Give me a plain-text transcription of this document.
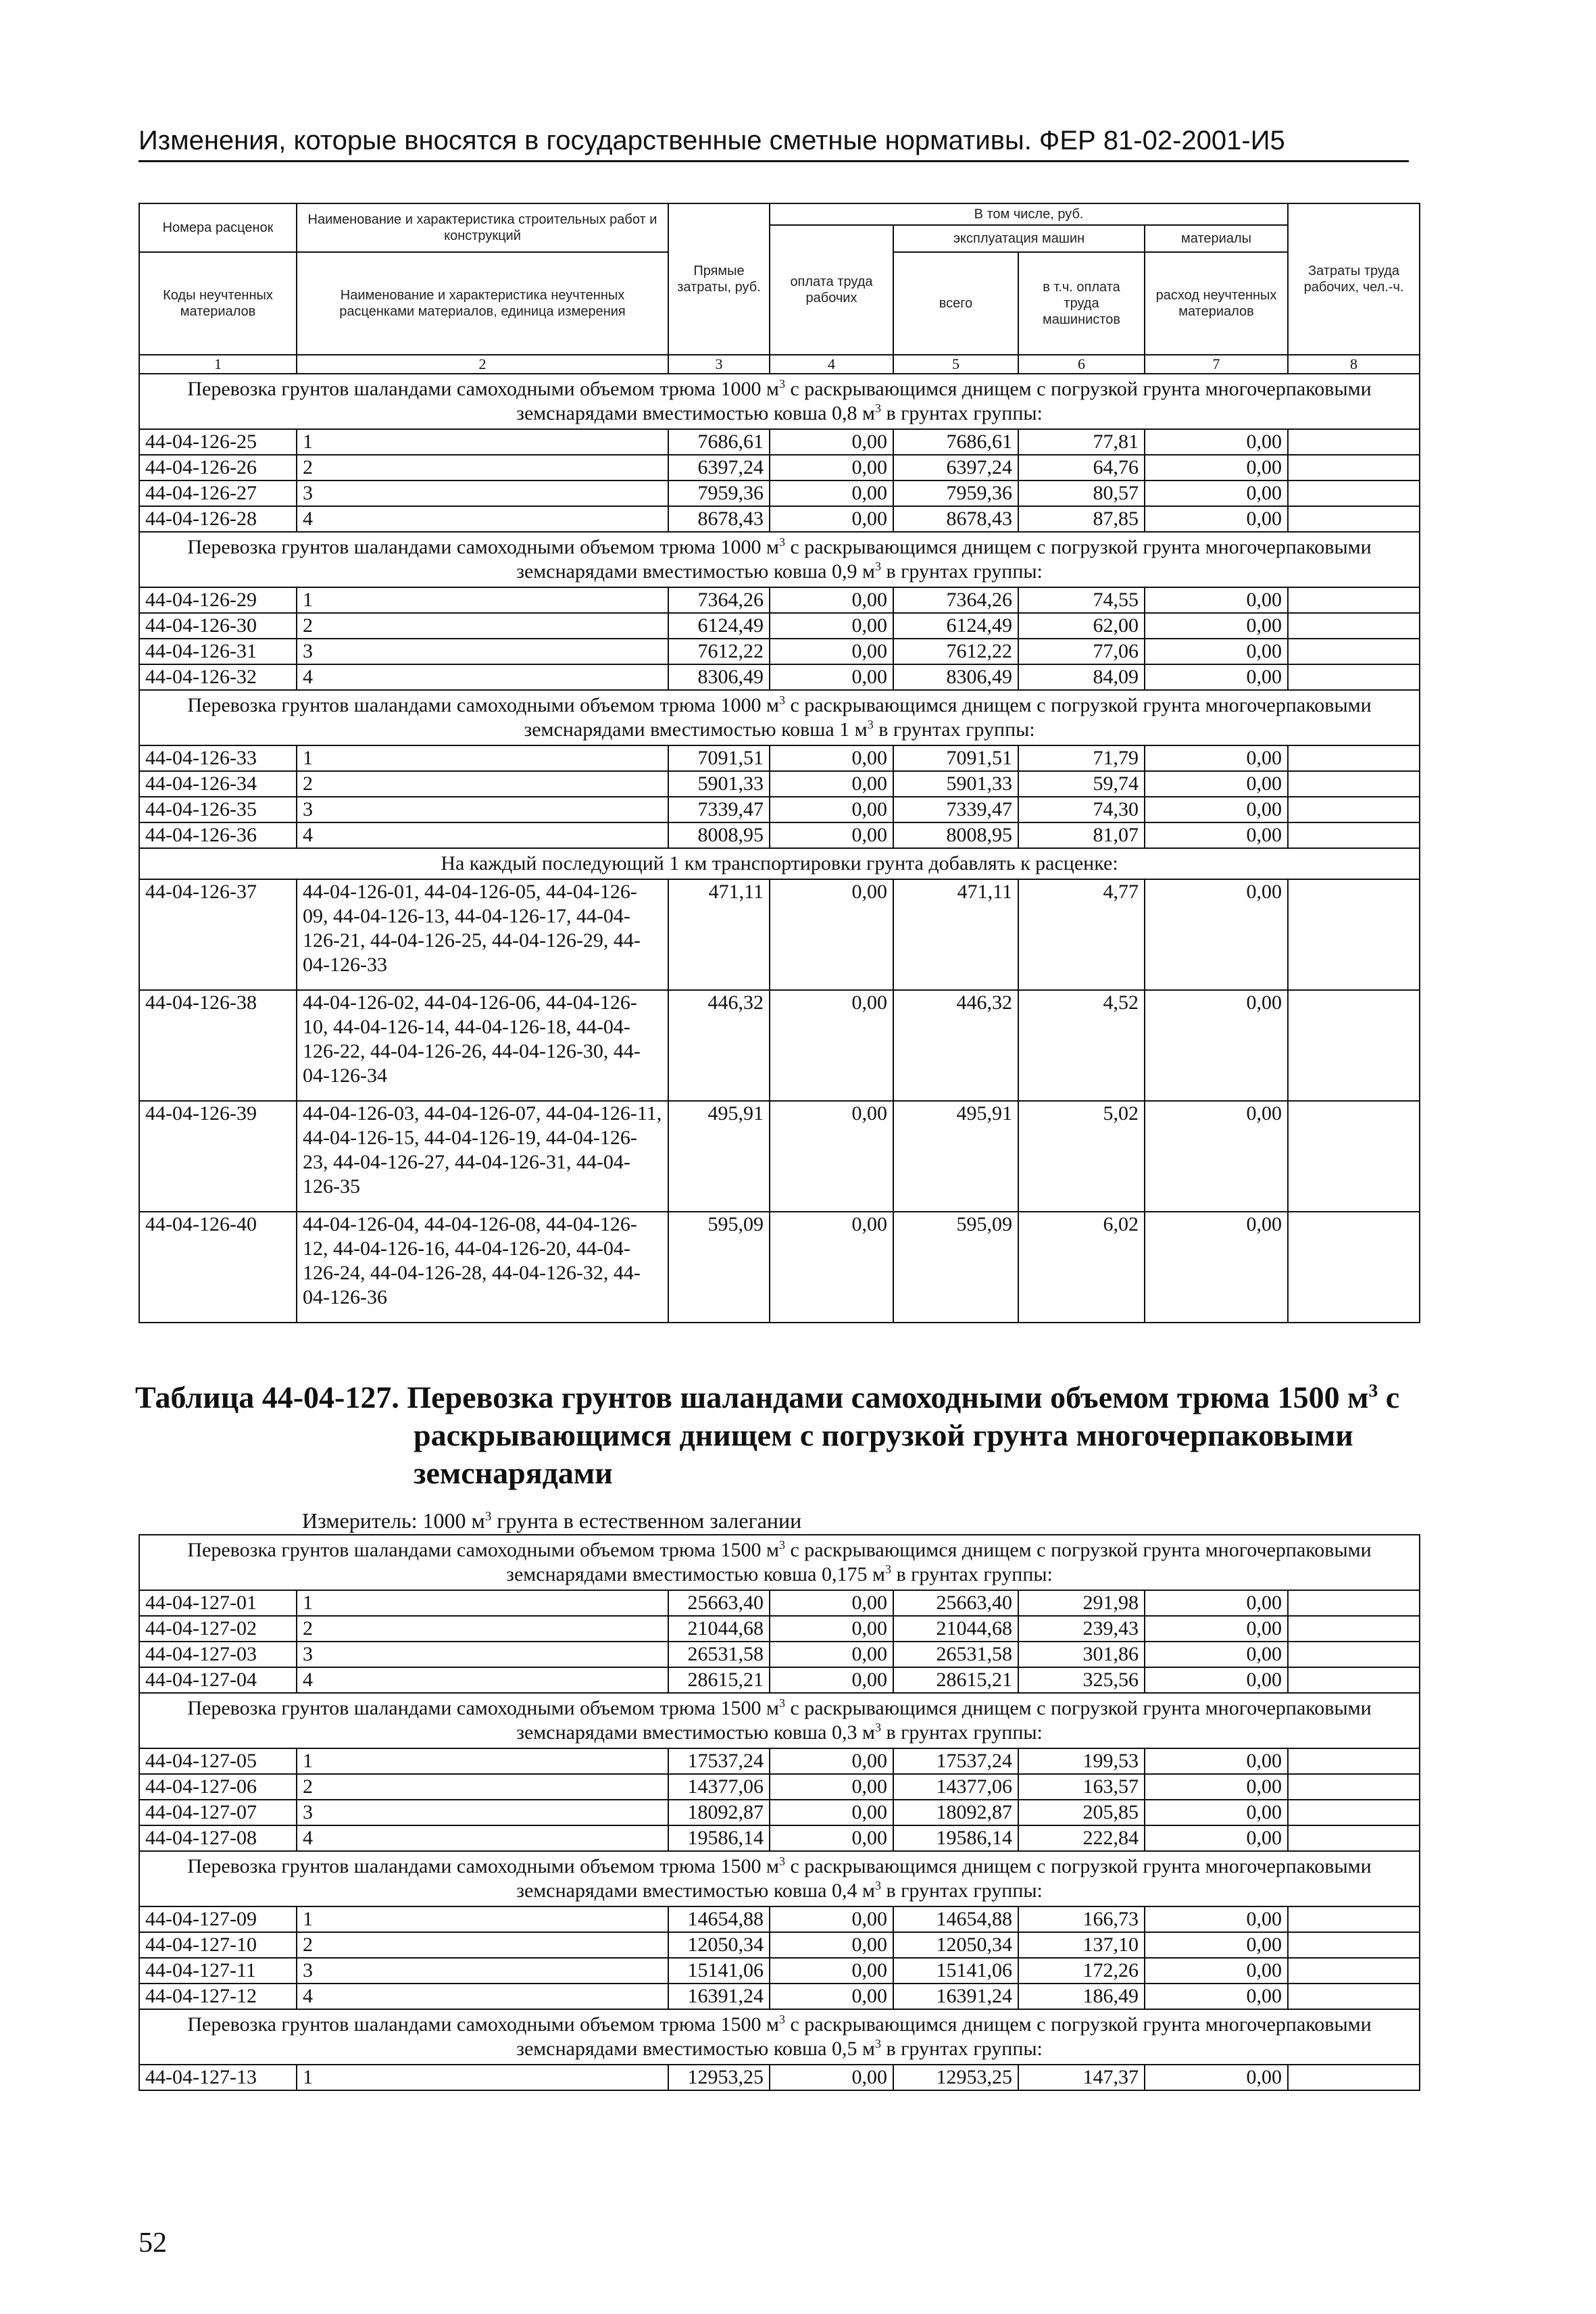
Изменения, которые вносятся в государственные сметные нормативы. ФЕР 81-02-2001-И5
Номера расценок	Наименование и характеристика строительных работ и конструкций	Прямые затраты, руб.	В том числе, руб.				Затраты труда рабочих, чел.-ч.
			оплата труда рабочих	эксплуатация машин		материалы	
Коды неучтенных материалов	Наименование и характеристика неучтенных расценками материалов, единица измерения			всего	в т.ч. оплата труда машинистов	расход неучтенных материалов	

1	2	3	4	5	6	7	8
Перевозка грунтов шаландами самоходными объемом трюма 1000 $м^3$ с раскрывающимся днищем с погрузкой грунта многочерпаковыми земснарядами вместимостью ковша 0,8 $м^3$ в грунтах группы:							
44-04-126-25	1	7686,61	0,00	7686,61	77,81	0,00	
44-04-126-26	2	6397,24	0,00	6397,24	64,76	0,00	
44-04-126-27	3	7959,36	0,00	7959,36	80,57	0,00	
44-04-126-28	4	8678,43	0,00	8678,43	87,85	0,00	
Перевозка грунтов шаландами самоходными объемом трюма 1000 $м^3$ с раскрывающимся днищем с погрузкой грунта многочерпаковыми земснарядами вместимостью ковша 0,9 $м^3$ в грунтах группы:							
44-04-126-29	1	7364,26	0,00	7364,26	74,55	0,00	
44-04-126-30	2	6124,49	0,00	6124,49	62,00	0,00	
44-04-126-31	3	7612,22	0,00	7612,22	77,06	0,00	
44-04-126-32	4	8306,49	0,00	8306,49	84,09	0,00	
Перевозка грунтов шаландами самоходными объемом трюма 1000 $м^3$ с раскрывающимся днищем с погрузкой грунта многочерпаковыми земснарядами вместимостью ковша 1 $м^3$ в грунтах группы:							
44-04-126-33	1	7091,51	0,00	7091,51	71,79	0,00	
44-04-126-34	2	5901,33	0,00	5901,33	59,74	0,00	
44-04-126-35	3	7339,47	0,00	7339,47	74,30	0,00	
44-04-126-36	4	8008,95	0,00	8008,95	81,07	0,00	
На каждый последующий 1 км транспортировки грунта добавлять к расценке:							
44-04-126-37	44-04-126-01, 44-04-126-05, 44-04-126-09, 44-04-126-13, 44-04-126-17, 44-04-126-21, 44-04-126-25, 44-04-126-29, 44-04-126-33	471,11	0,00	471,11	4,77	0,00	
44-04-126-38	44-04-126-02, 44-04-126-06, 44-04-126-10, 44-04-126-14, 44-04-126-18, 44-04-126-22, 44-04-126-26, 44-04-126-30, 44-04-126-34	446,32	0,00	446,32	4,52	0,00	
44-04-126-39	44-04-126-03, 44-04-126-07, 44-04-126-11, 44-04-126-15, 44-04-126-19, 44-04-126-23, 44-04-126-27, 44-04-126-31, 44-04-126-35	495,91	0,00	495,91	5,02	0,00	
44-04-126-40	44-04-126-04, 44-04-126-08, 44-04-126-12, 44-04-126-16, 44-04-126-20, 44-04-126-24, 44-04-126-28, 44-04-126-32, 44-04-126-36	595,09	0,00	595,09	6,02	0,00	
Таблица 44-04-127. Перевозка грунтов шаландами самоходными объемом трюма 1500 $м^3$ с раскрывающимся днищем с погрузкой грунта многочерпаковыми земснарядами
Измеритель: 1000 $м^3$ грунта в естественном залегании
Перевозка грунтов шаландами самоходными объемом трюма 1500 $м^3$ с раскрывающимся днищем с погрузкой грунта многочерпаковыми земснарядами вместимостью ковша 0,175 $м^3$ в грунтах группы:							
44-04-127-01	1	25663,40	0,00	25663,40	291,98	0,00	
44-04-127-02	2	21044,68	0,00	21044,68	239,43	0,00	
44-04-127-03	3	26531,58	0,00	26531,58	301,86	0,00	
44-04-127-04	4	28615,21	0,00	28615,21	325,56	0,00	
Перевозка грунтов шаландами самоходными объемом трюма 1500 $м^3$ с раскрывающимся днищем с погрузкой грунта многочерпаковыми земснарядами вместимостью ковша 0,3 $м^3$ в грунтах группы:							
44-04-127-05	1	17537,24	0,00	17537,24	199,53	0,00	
44-04-127-06	2	14377,06	0,00	14377,06	163,57	0,00	
44-04-127-07	3	18092,87	0,00	18092,87	205,85	0,00	
44-04-127-08	4	19586,14	0,00	19586,14	222,84	0,00	
Перевозка грунтов шаландами самоходными объемом трюма 1500 $м^3$ с раскрывающимся днищем с погрузкой грунта многочерпаковыми земснарядами вместимостью ковша 0,4 $м^3$ в грунтах группы:							
44-04-127-09	1	14654,88	0,00	14654,88	166,73	0,00	
44-04-127-10	2	12050,34	0,00	12050,34	137,10	0,00	
44-04-127-11	3	15141,06	0,00	15141,06	172,26	0,00	
44-04-127-12	4	16391,24	0,00	16391,24	186,49	0,00	
Перевозка грунтов шаландами самоходными объемом трюма 1500 $м^3$ с раскрывающимся днищем с погрузкой грунта многочерпаковыми земснарядами вместимостью ковша 0,5 $м^3$ в грунтах группы:							
44-04-127-13	1	12953,25	0,00	12953,25	147,37	0,00	
52
